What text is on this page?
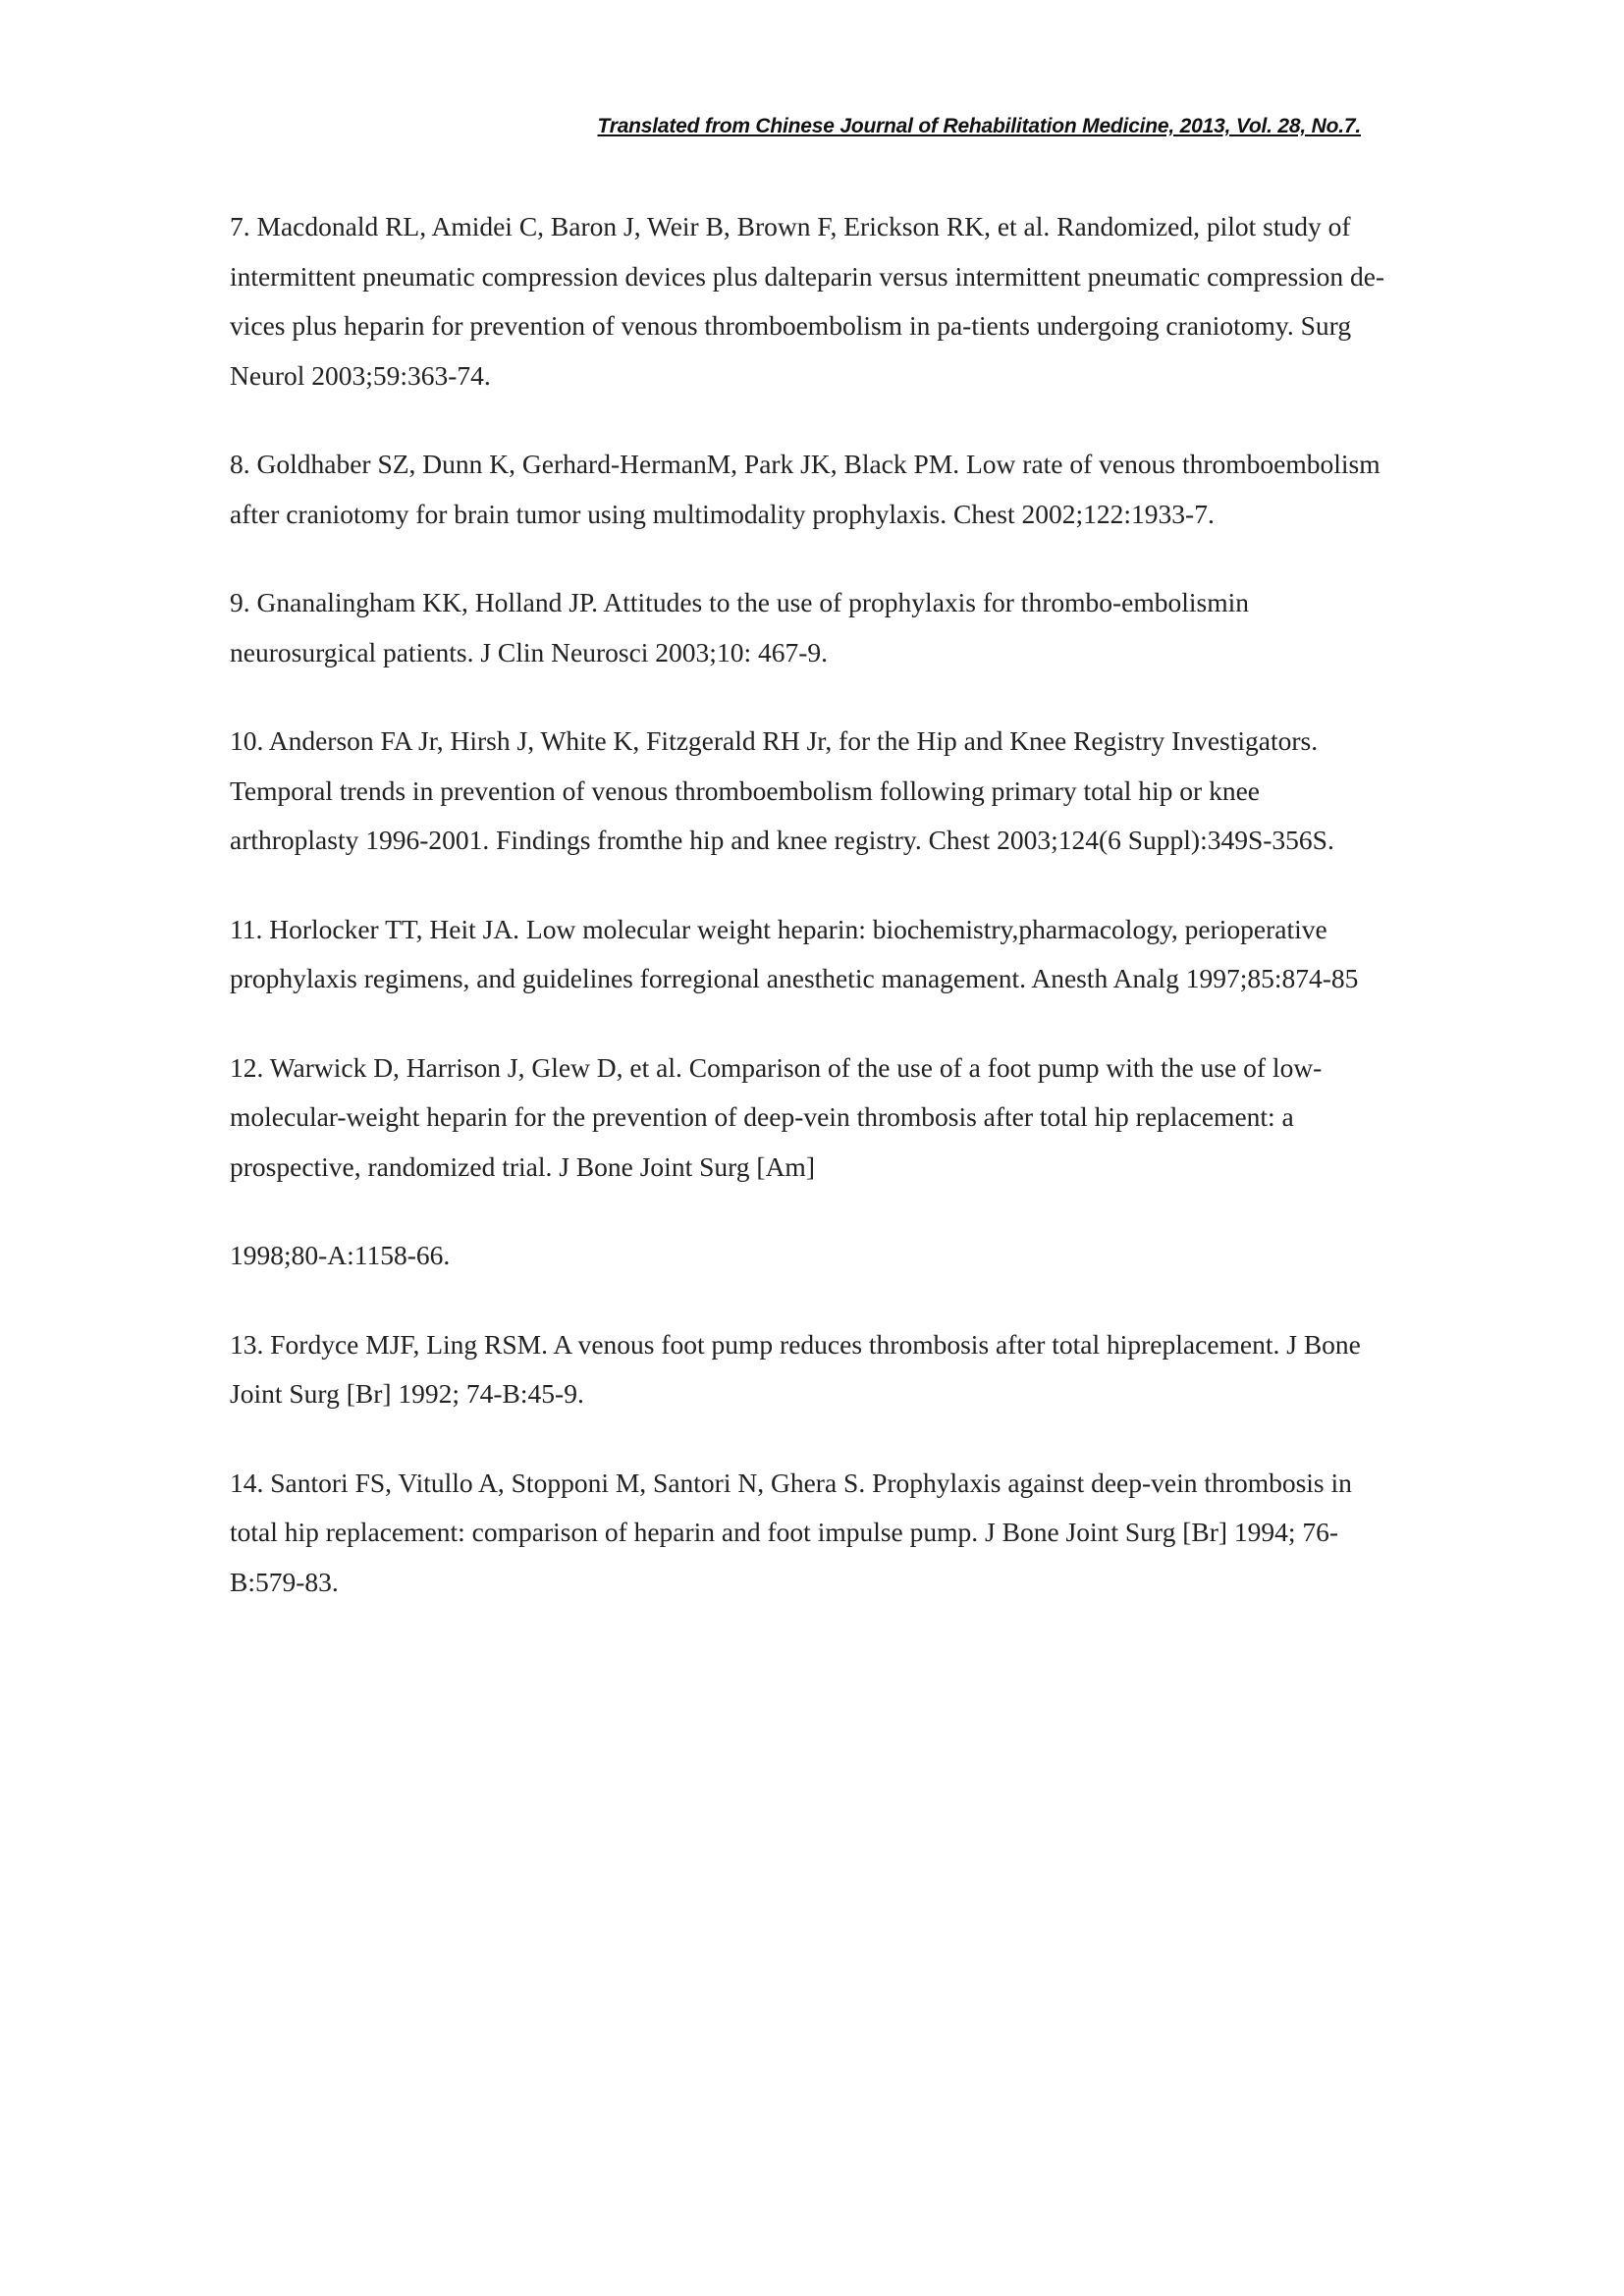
Translated from Chinese Journal of Rehabilitation Medicine, 2013, Vol. 28, No.7.
7. Macdonald RL, Amidei C, Baron J, Weir B, Brown F, Erickson RK, et al. Randomized, pilot study of intermittent pneumatic compression devices plus dalteparin versus intermittent pneumatic compression de-vices plus heparin for prevention of venous thromboembolism in pa-tients undergoing craniotomy. Surg Neurol 2003;59:363-74.
8. Goldhaber SZ, Dunn K, Gerhard-HermanM, Park JK, Black PM. Low rate of venous thromboembolism after craniotomy for brain tumor using multimodality prophylaxis. Chest 2002;122:1933-7.
9. Gnanalingham KK, Holland JP. Attitudes to the use of prophylaxis for thrombo-embolismin neurosurgical patients. J Clin Neurosci 2003;10: 467-9.
10. Anderson FA Jr, Hirsh J, White K, Fitzgerald RH Jr, for the Hip and Knee Registry Investigators. Temporal trends in prevention of venous thromboembolism following primary total hip or knee arthroplasty 1996-2001. Findings fromthe hip and knee registry. Chest 2003;124(6 Suppl):349S-356S.
11. Horlocker TT, Heit JA. Low molecular weight heparin: biochemistry,pharmacology, perioperative prophylaxis regimens, and guidelines forregional anesthetic management. Anesth Analg 1997;85:874-85
12. Warwick D, Harrison J, Glew D, et al. Comparison of the use of a foot pump with the use of low-molecular-weight heparin for the prevention of deep-vein thrombosis after total hip replacement: a prospective, randomized trial. J Bone Joint Surg [Am]
1998;80-A:1158-66.
13. Fordyce MJF, Ling RSM. A venous foot pump reduces thrombosis after total hipreplacement. J Bone Joint Surg [Br] 1992; 74-B:45-9.
14. Santori FS, Vitullo A, Stopponi M, Santori N, Ghera S. Prophylaxis against deep-vein thrombosis in total hip replacement: comparison of heparin and foot impulse pump. J Bone Joint Surg [Br] 1994; 76-B:579-83.
